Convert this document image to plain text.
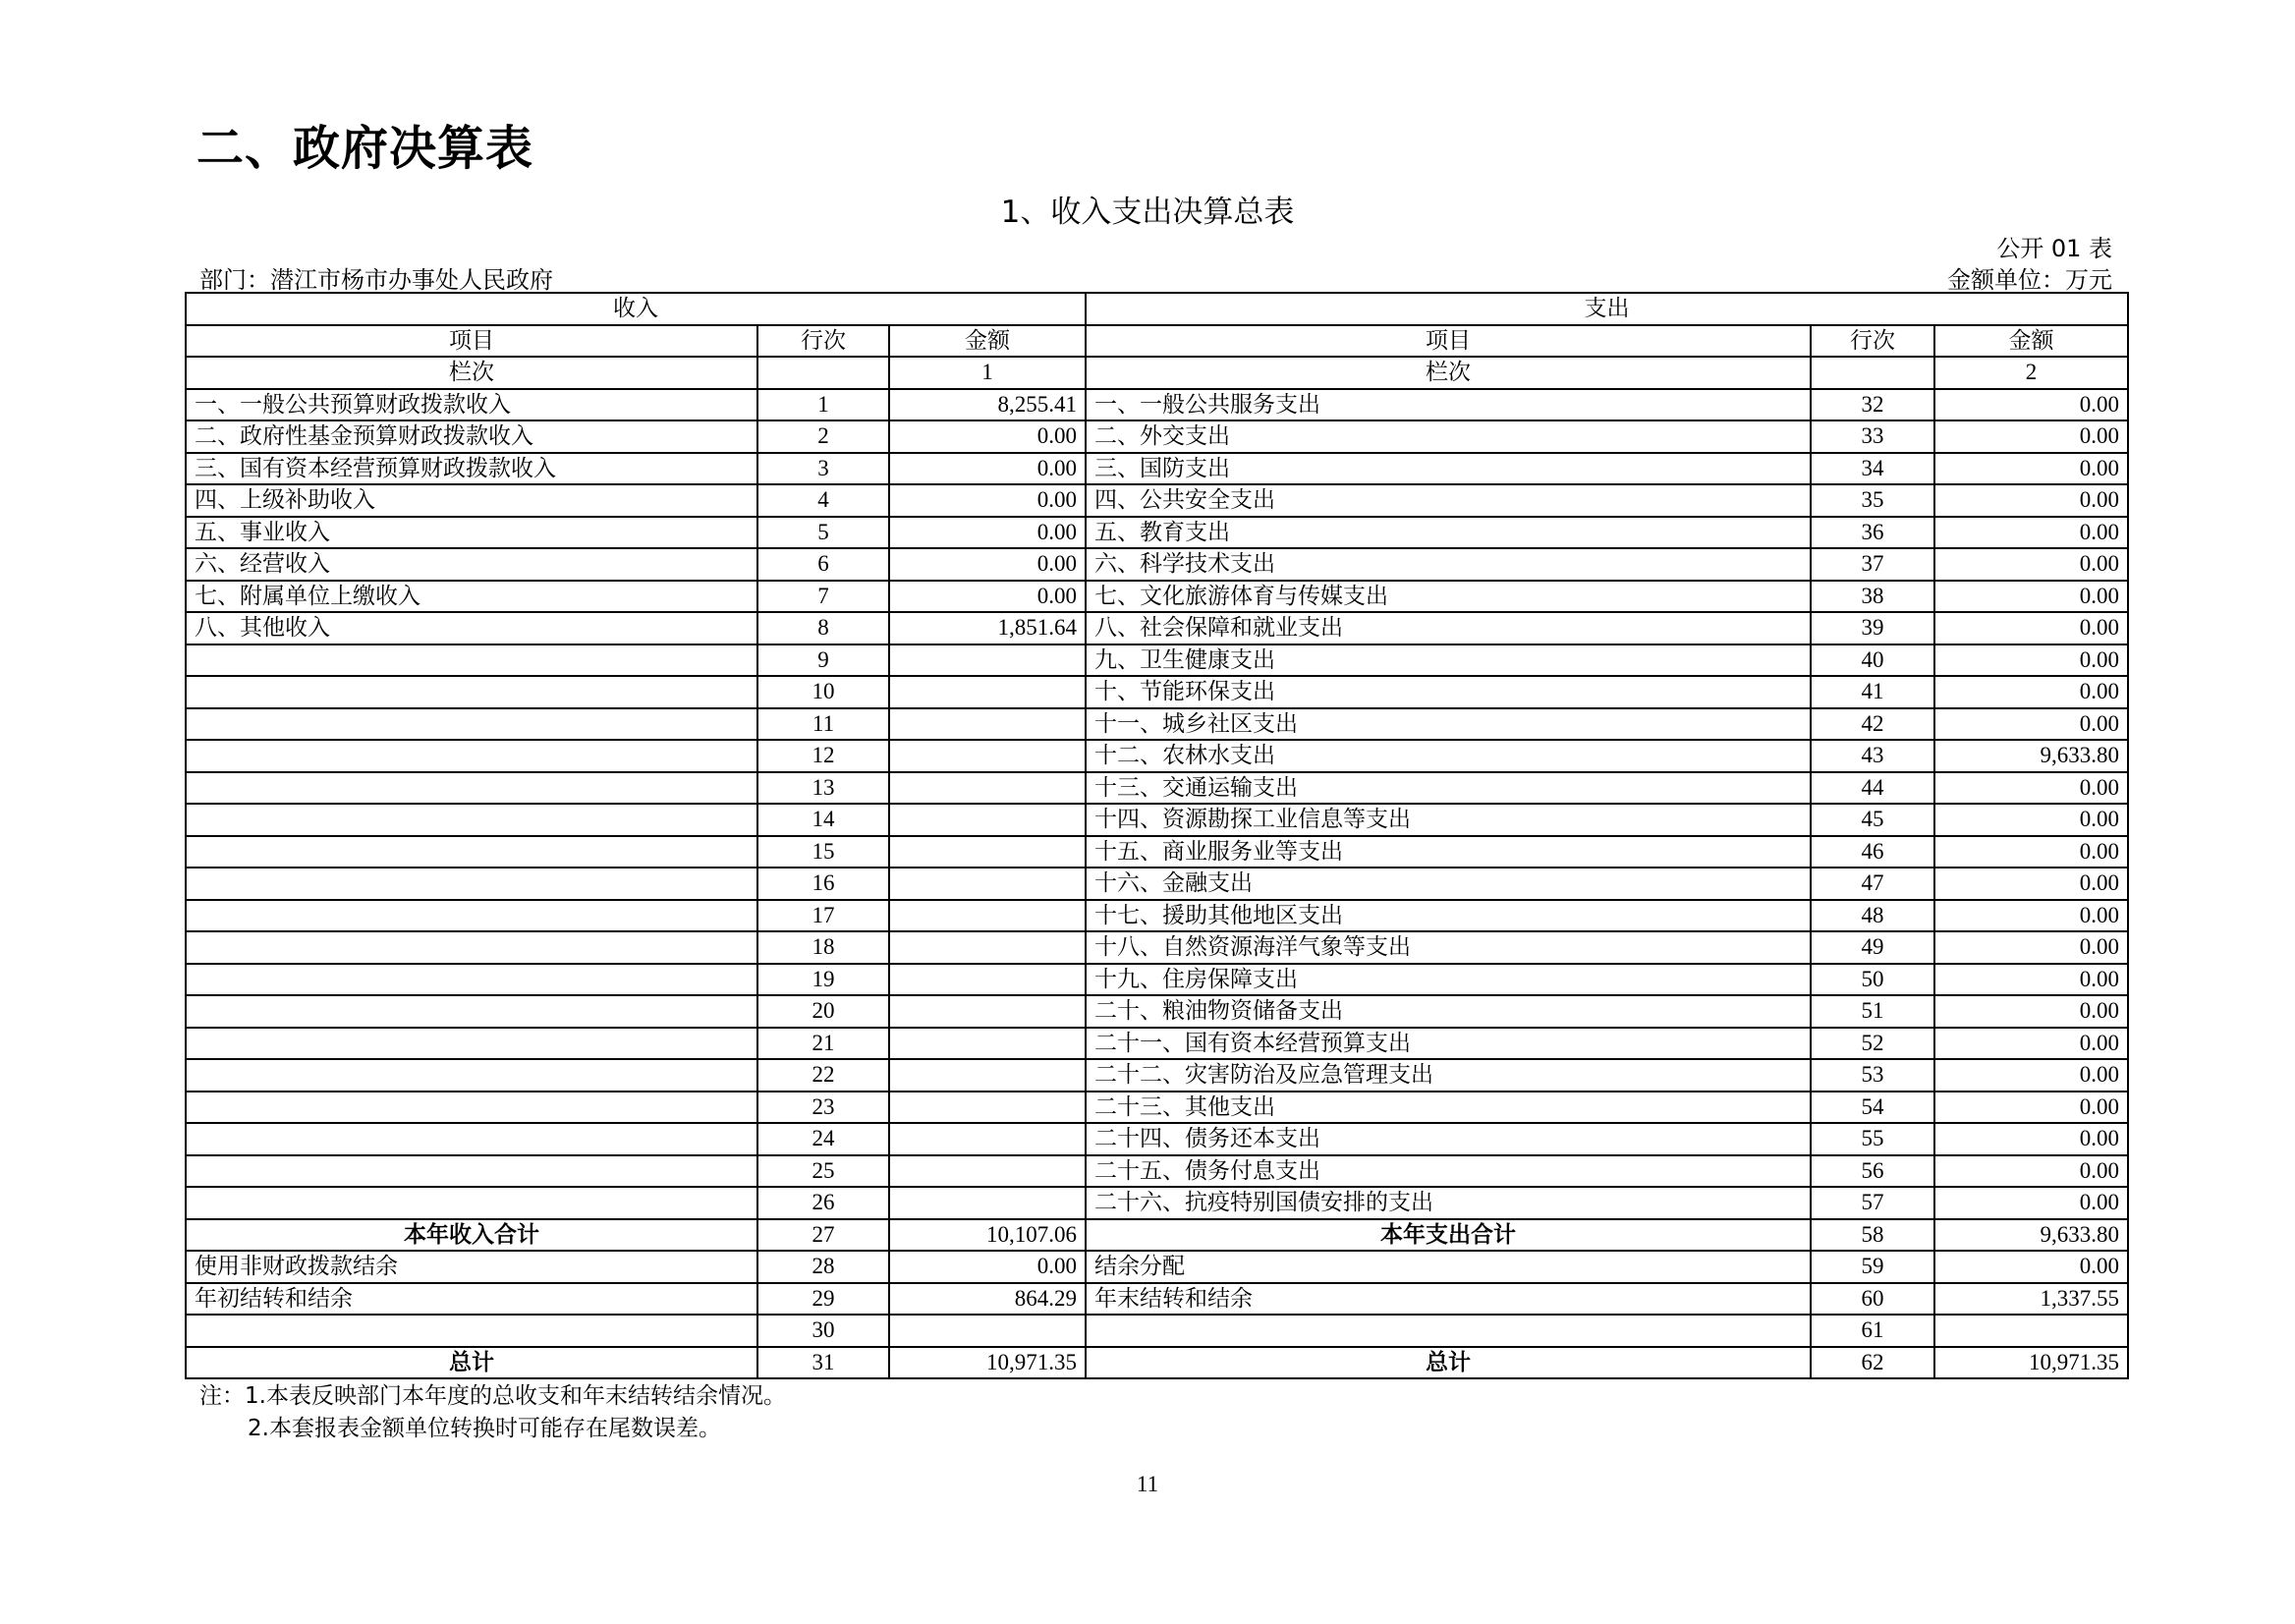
二、政府决算表
1、收入支出决算总表
公开 01 表
部门：潜江市杨市办事处人民政府	金额单位：万元
收入			支出		
项目	行次	金额	项目	行次	金额
栏次		1	栏次		2
一、一般公共预算财政拨款收入	1	8,255.41	一、一般公共服务支出	32	0.00
二、政府性基金预算财政拨款收入	2	0.00	二、外交支出	33	0.00
三、国有资本经营预算财政拨款收入	3	0.00	三、国防支出	34	0.00
四、上级补助收入	4	0.00	四、公共安全支出	35	0.00
五、事业收入	5	0.00	五、教育支出	36	0.00
六、经营收入	6	0.00	六、科学技术支出	37	0.00
七、附属单位上缴收入	7	0.00	七、文化旅游体育与传媒支出	38	0.00
八、其他收入	8	1,851.64	八、社会保障和就业支出	39	0.00
	9		九、卫生健康支出	40	0.00
	10		十、节能环保支出	41	0.00
	11		十一、城乡社区支出	42	0.00
	12		十二、农林水支出	43	9,633.80
	13		十三、交通运输支出	44	0.00
	14		十四、资源勘探工业信息等支出	45	0.00
	15		十五、商业服务业等支出	46	0.00
	16		十六、金融支出	47	0.00
	17		十七、援助其他地区支出	48	0.00
	18		十八、自然资源海洋气象等支出	49	0.00
	19		十九、住房保障支出	50	0.00
	20		二十、粮油物资储备支出	51	0.00
	21		二十一、国有资本经营预算支出	52	0.00
	22		二十二、灾害防治及应急管理支出	53	0.00
	23		二十三、其他支出	54	0.00
	24		二十四、债务还本支出	55	0.00
	25		二十五、债务付息支出	56	0.00
	26		二十六、抗疫特别国债安排的支出	57	0.00
本年收入合计	27	10,107.06	本年支出合计	58	9,633.80
使用非财政拨款结余	28	0.00	结余分配	59	0.00
年初结转和结余	29	864.29	年末结转和结余	60	1,337.55
	30			61	
总计	31	10,971.35	总计	62	10,971.35
注：1.本表反映部门本年度的总收支和年末结转结余情况。
2.本套报表金额单位转换时可能存在尾数误差。
11
